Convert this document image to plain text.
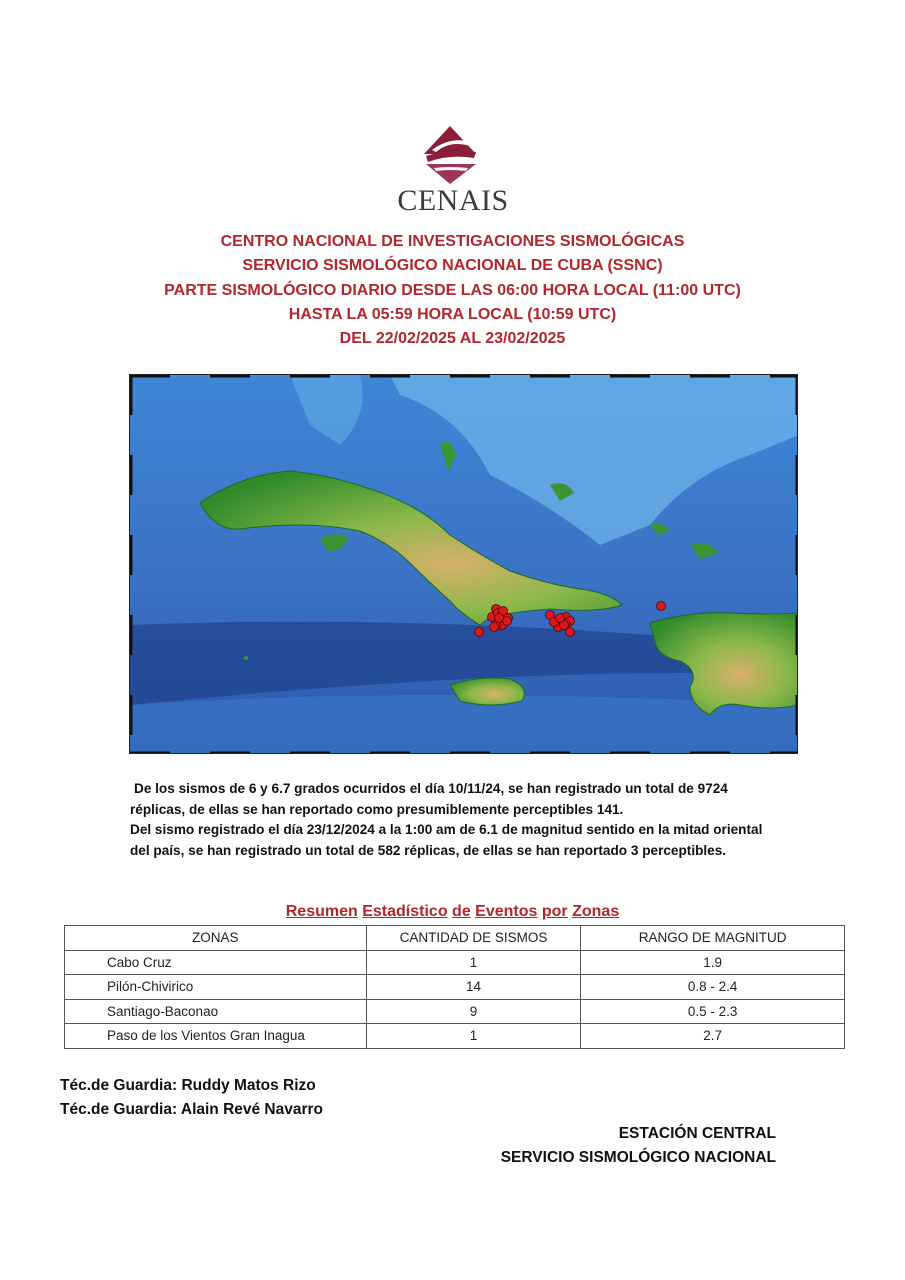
CENAIS
CENTRO NACIONAL DE INVESTIGACIONES SISMOLÓGICAS
SERVICIO SISMOLÓGICO NACIONAL DE CUBA (SSNC)
PARTE SISMOLÓGICO DIARIO DESDE LAS 06:00 HORA LOCAL (11:00 UTC)
HASTA LA 05:59 HORA LOCAL (10:59 UTC)
DEL 22/02/2025 AL 23/02/2025
De los sismos de 6 y 6.7 grados ocurridos el día 10/11/24, se han registrado un total de 9724 réplicas, de ellas se han reportado como presumiblemente perceptibles 141.
Del sismo registrado el día 23/12/2024 a la 1:00 am de 6.1 de magnitud sentido en la mitad oriental del país, se han registrado un total de 582 réplicas, de ellas se han reportado 3 perceptibles.
Resumen Estadístico de Eventos por Zonas
ZONAS	CANTIDAD DE SISMOS	RANGO DE MAGNITUD
Cabo Cruz	1	1.9
Pilón-Chivirico	14	0.8 - 2.4
Santiago-Baconao	9	0.5 - 2.3
Paso de los Vientos Gran Inagua	1	2.7
Téc.de Guardia: Ruddy Matos Rizo
Téc.de Guardia: Alain Revé Navarro
ESTACIÓN CENTRAL
SERVICIO SISMOLÓGICO NACIONAL
